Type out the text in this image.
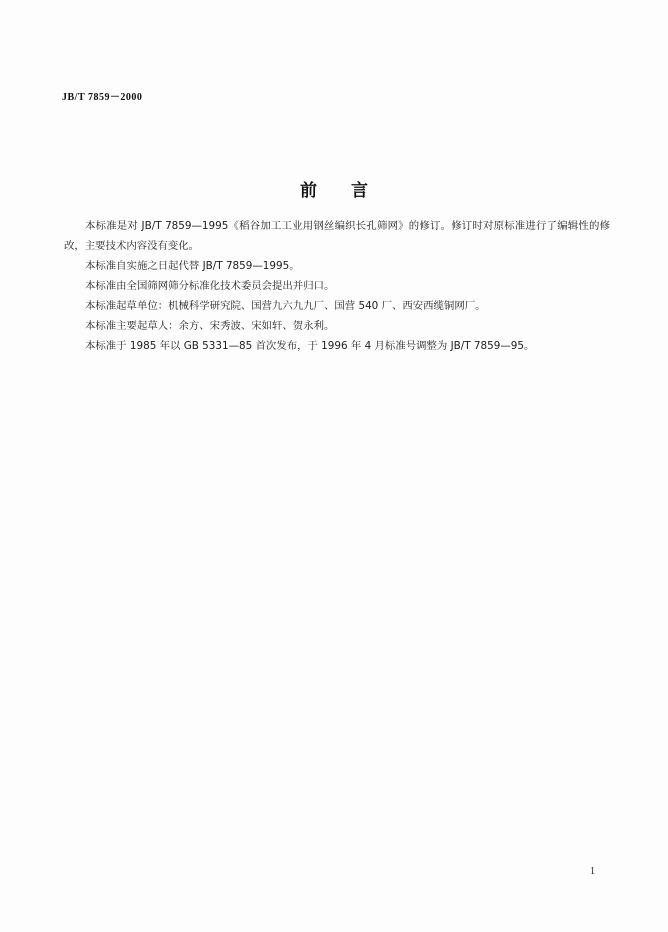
JB/T 7859－2000
前 言

本标准是对 JB/T 7859—1995《稻谷加工工业用钢丝编织长孔筛网》的修订。修订时对原标准进行了编辑性的修改，主要技术内容没有变化。

本标准自实施之日起代替 JB/T 7859—1995。

本标准由全国筛网筛分标准化技术委员会提出并归口。

本标准起草单位：机械科学研究院、国营九六九九厂、国营 540 厂、西安西缆铜网厂。

本标准主要起草人：余方、宋秀波、宋如轩、贺永利。

本标准于 1985 年以 GB 5331—85 首次发布，于 1996 年 4 月标准号调整为 JB/T 7859—95。

1
